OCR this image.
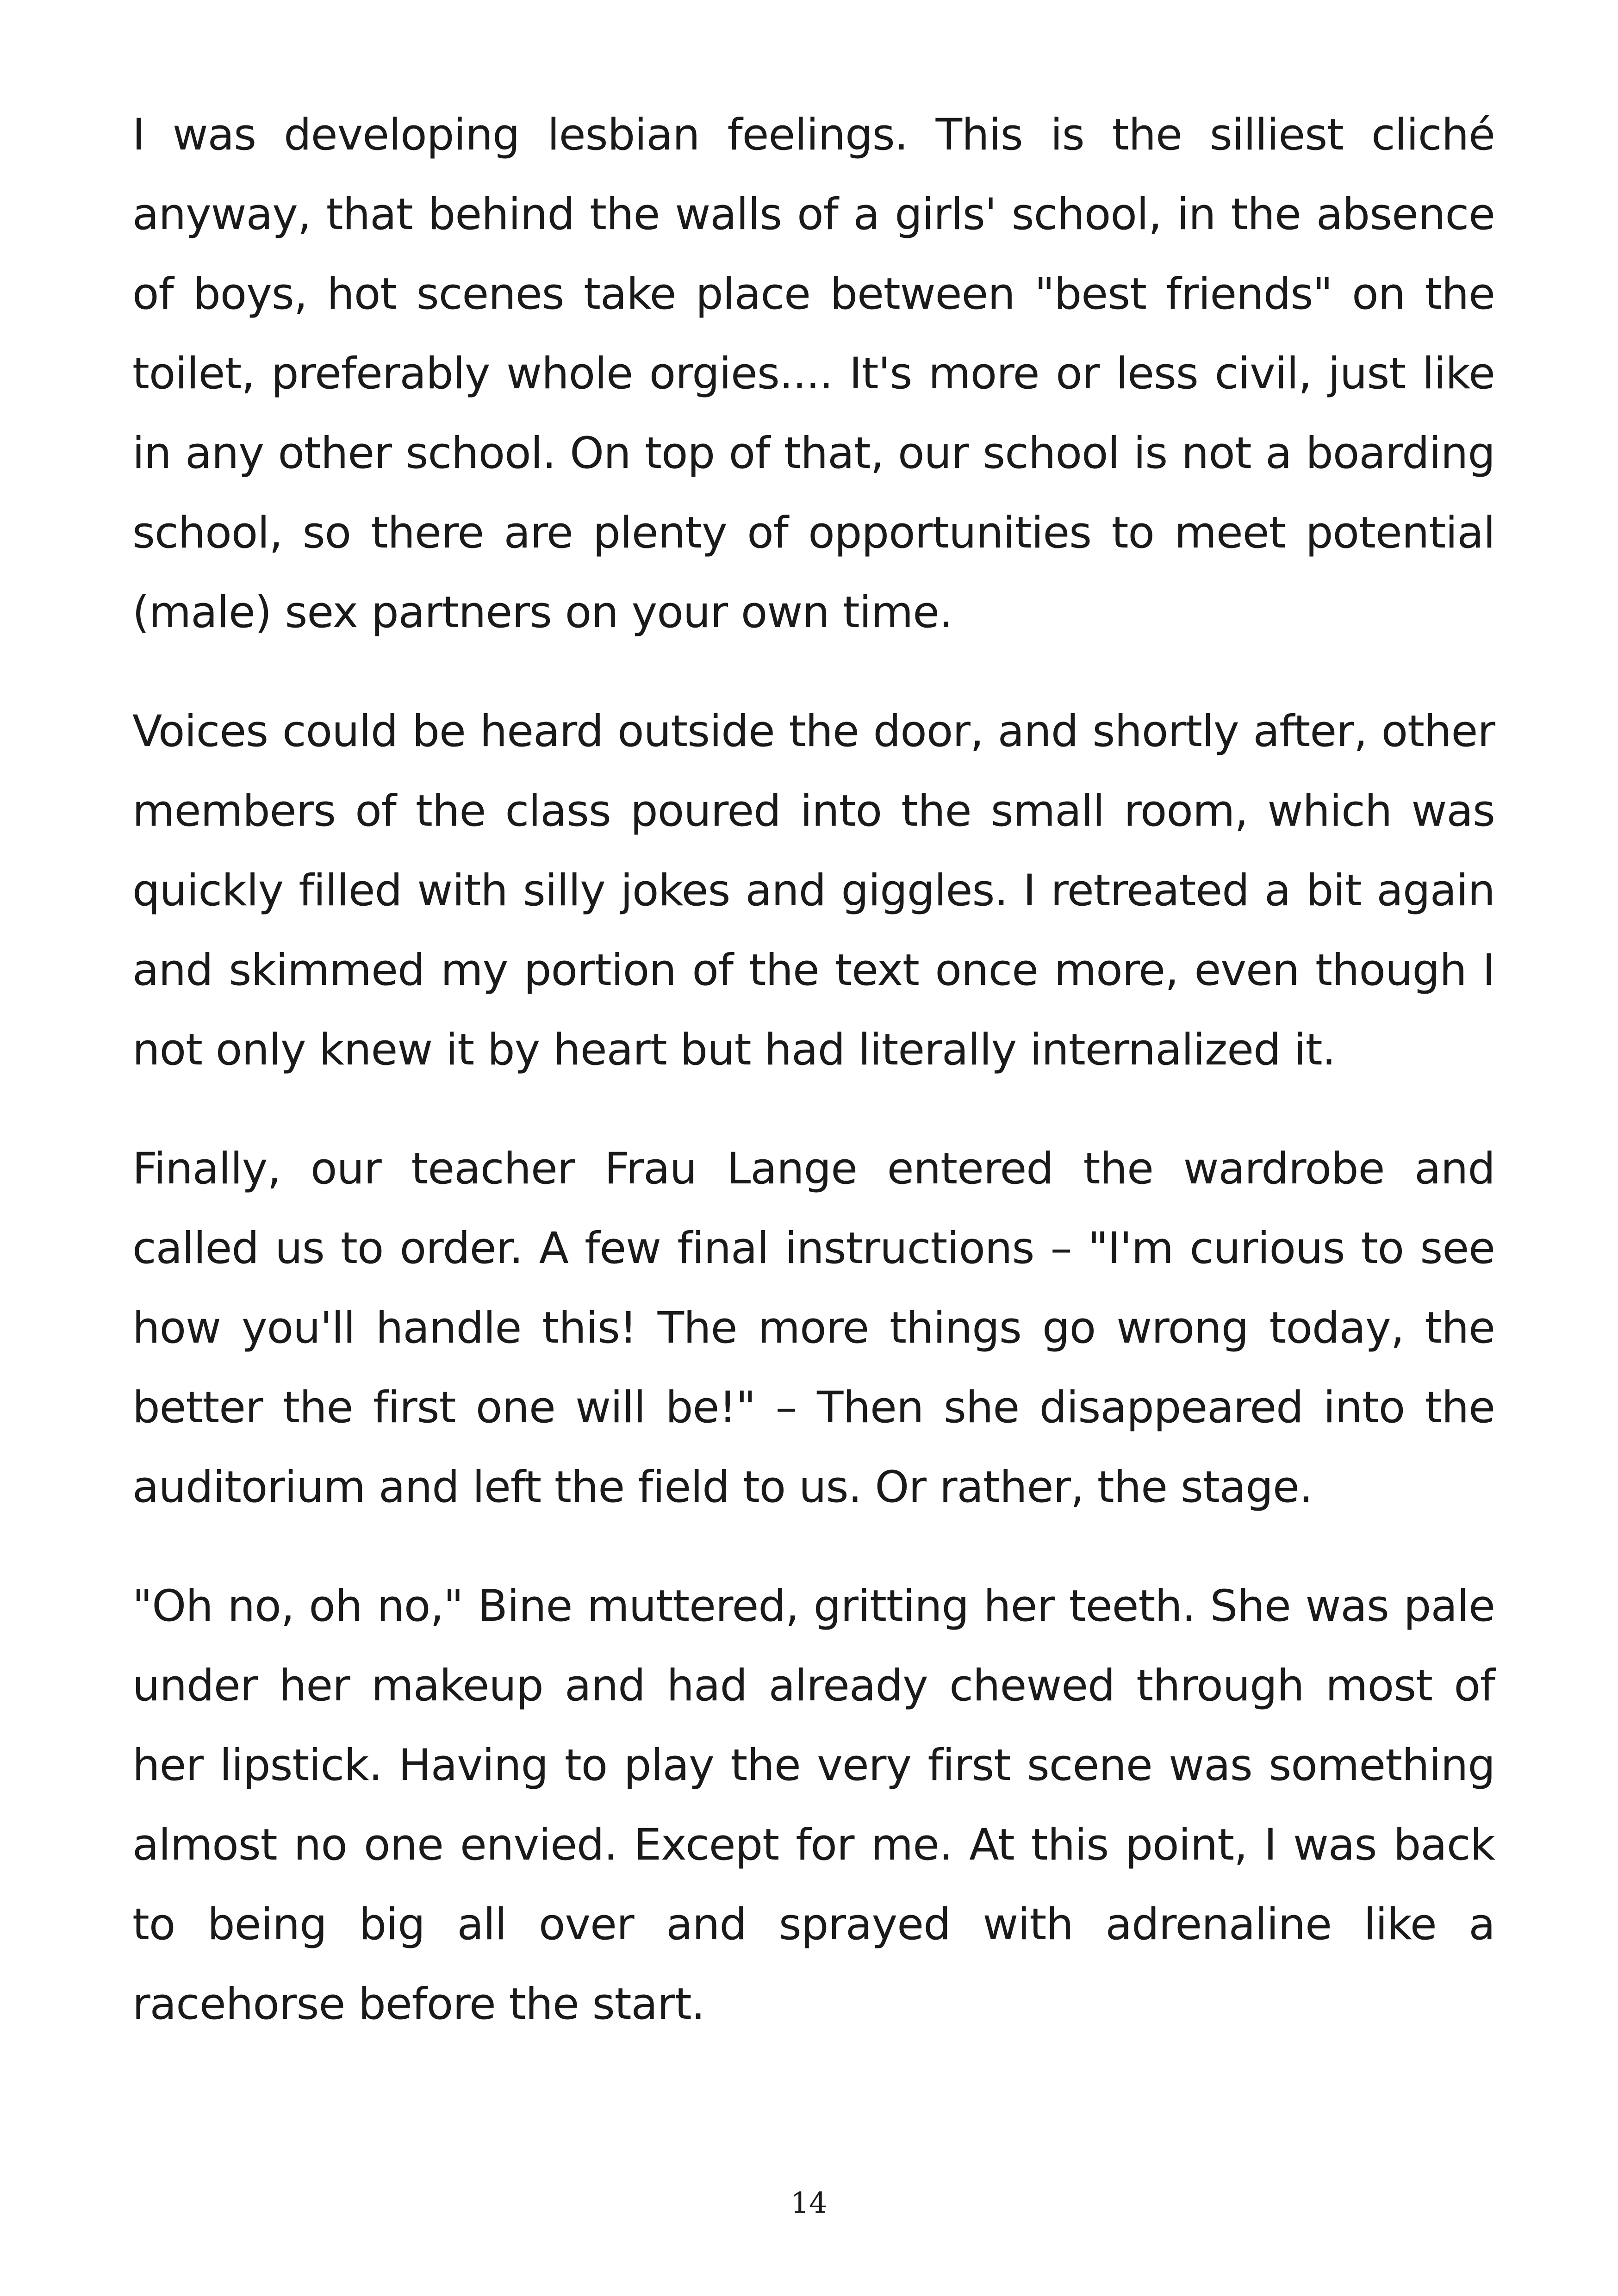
I was developing lesbian feelings. This is the silliest cliché anyway, that behind the walls of a girls' school, in the absence of boys, hot scenes take place between "best friends" on the toilet, preferably whole orgies.... It's more or less civil, just like in any other school. On top of that, our school is not a boarding school, so there are plenty of opportunities to meet potential (male) sex partners on your own time.

Voices could be heard outside the door, and shortly after, other members of the class poured into the small room, which was quickly filled with silly jokes and giggles. I retreated a bit again and skimmed my portion of the text once more, even though I not only knew it by heart but had literally internalized it.

Finally, our teacher Frau Lange entered the wardrobe and called us to order. A few final instructions – "I'm curious to see how you'll handle this! The more things go wrong today, the better the first one will be!" – Then she disappeared into the auditorium and left the field to us. Or rather, the stage.

"Oh no, oh no," Bine muttered, gritting her teeth. She was pale under her makeup and had already chewed through most of her lipstick. Having to play the very first scene was something almost no one envied. Except for me. At this point, I was back to being big all over and sprayed with adrenaline like a racehorse before the start.

14
